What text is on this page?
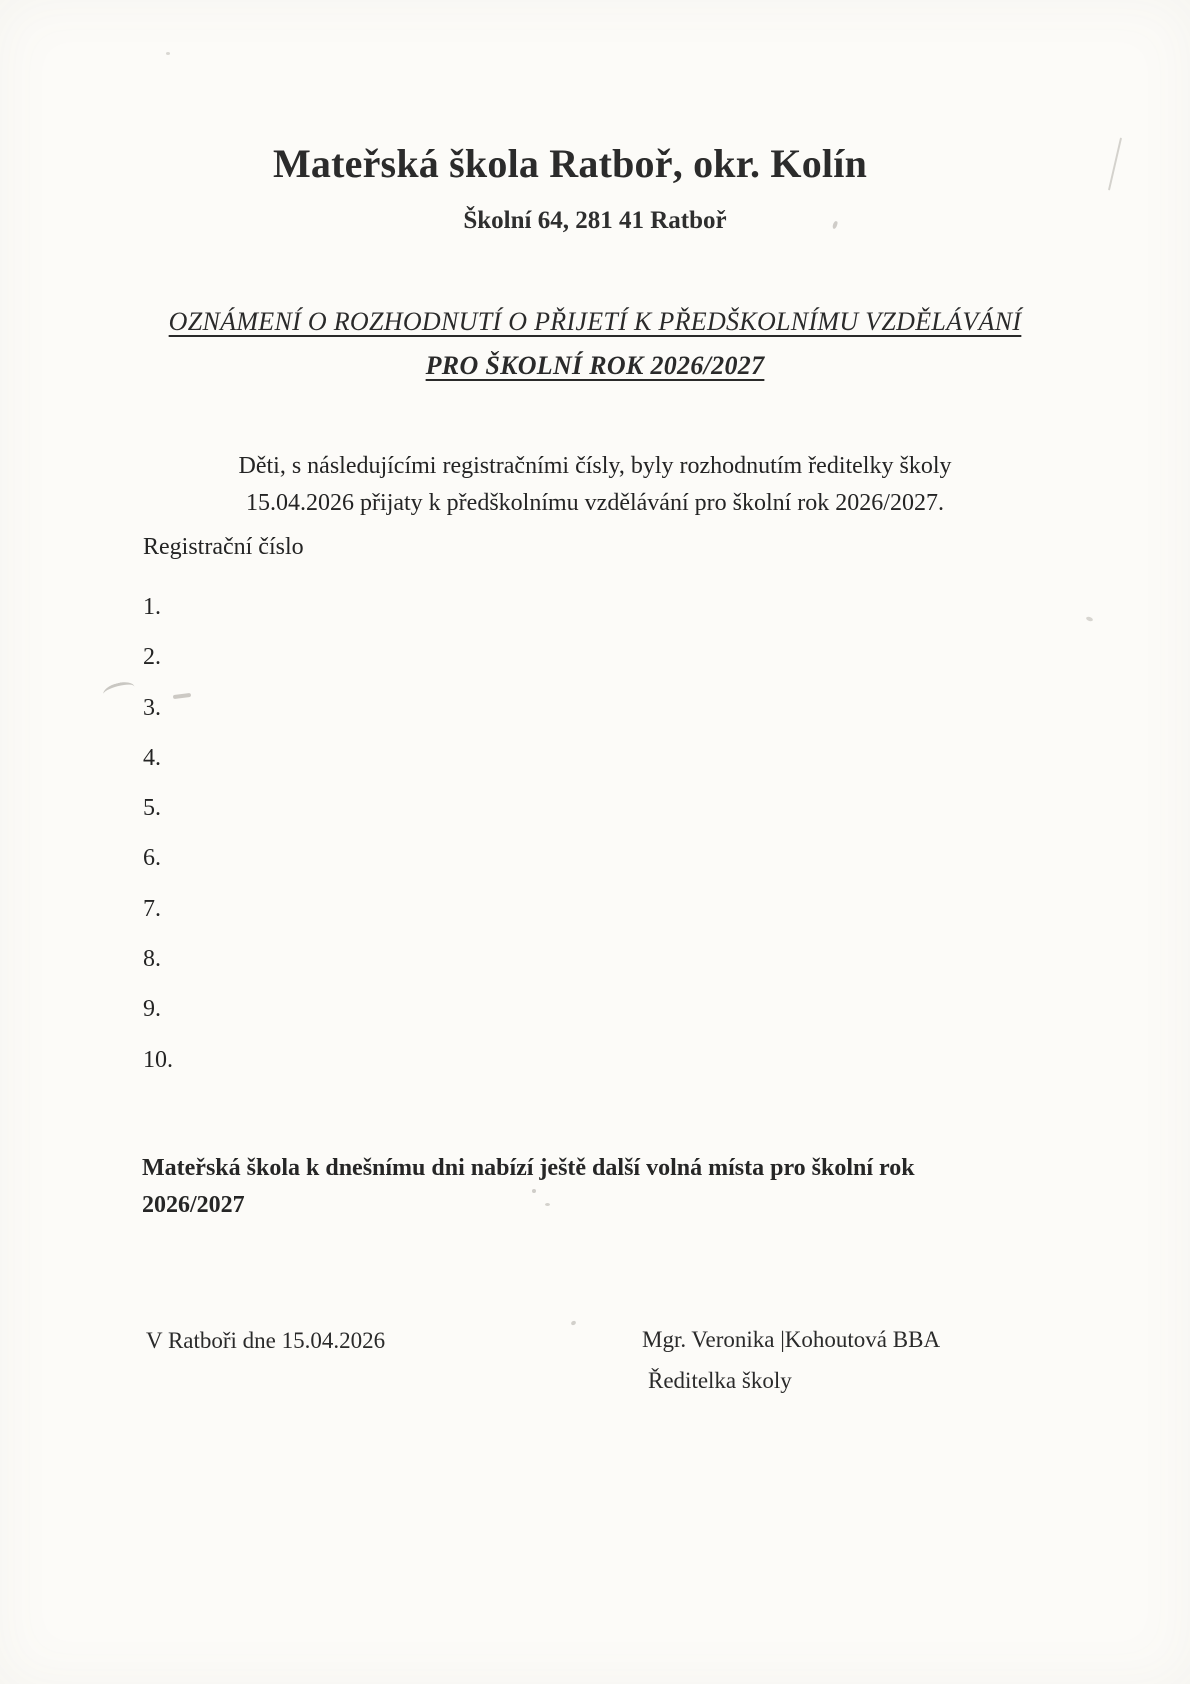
Mateřská škola Ratboř, okr. Kolín
Školní 64, 281 41 Ratboř
OZNÁMENÍ O ROZHODNUTÍ O PŘIJETÍ K PŘEDŠKOLNÍMU VZDĚLÁVÁNÍ
PRO ŠKOLNÍ ROK 2026/2027
Děti, s následujícími registračními čísly, byly rozhodnutím ředitelky školy
15.04.2026 přijaty k předškolnímu vzdělávání pro školní rok 2026/2027.
Registrační číslo
1.
2.
3.
4.
5.
6.
7.
8.
9.
10.
Mateřská škola k dnešnímu dni nabízí ještě další volná místa pro školní rok
2026/2027
V Ratboři dne 15.04.2026	Mgr. Veronika |Kohoutová BBA
Ředitelka školy
